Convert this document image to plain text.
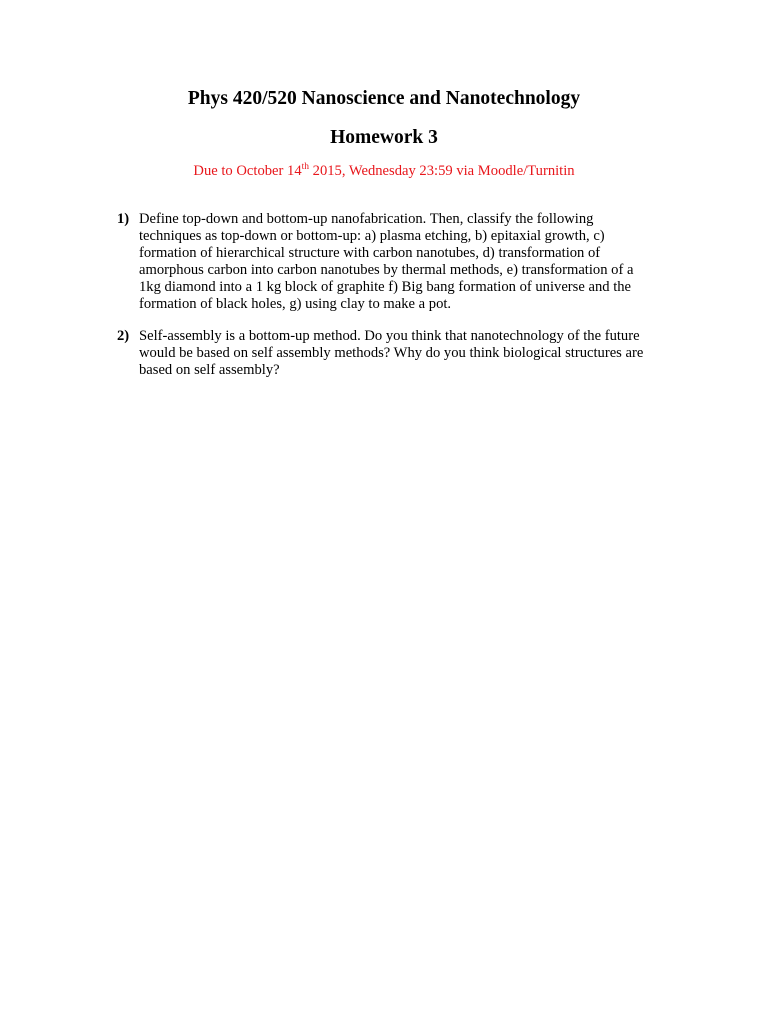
Phys 420/520 Nanoscience and Nanotechnology
Homework 3

Due to October 14th 2015, Wednesday 23:59 via Moodle/Turnitin

1) Define top-down and bottom-up nanofabrication. Then, classify the following
techniques as top-down or bottom-up: a) plasma etching, b) epitaxial growth, c)
formation of hierarchical structure with carbon nanotubes, d) transformation of
amorphous carbon into carbon nanotubes by thermal methods, e) transformation of a
1kg diamond into a 1 kg block of graphite f) Big bang formation of universe and the
formation of black holes, g) using clay to make a pot.
2) Self-assembly is a bottom-up method. Do you think that nanotechnology of the future
would be based on self assembly methods? Why do you think biological structures are
based on self assembly?
